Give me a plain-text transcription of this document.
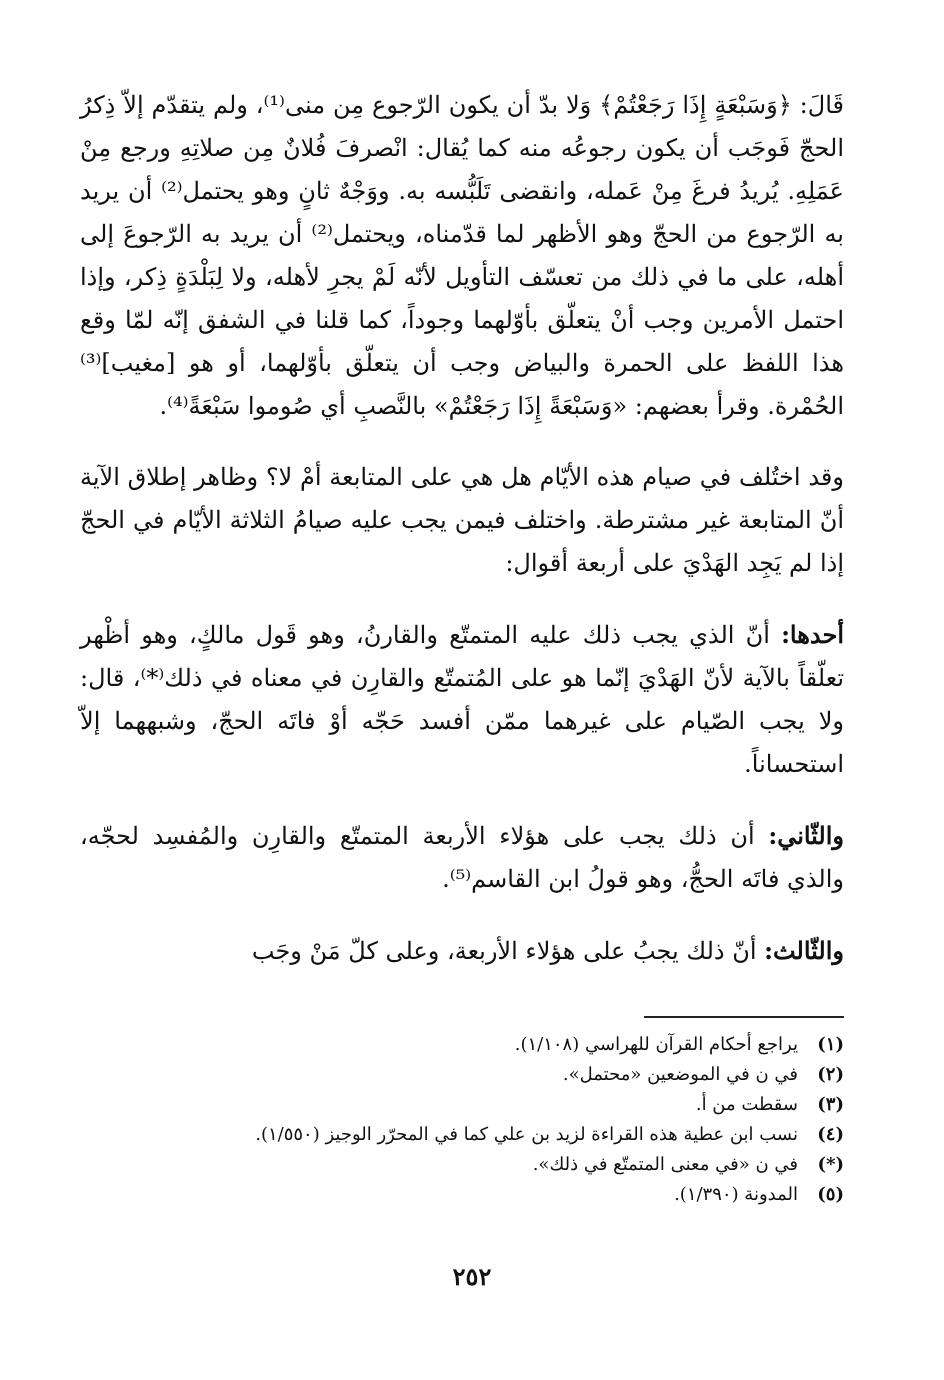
قَالَ: ﴿وَسَبْعَةٍ إِذَا رَجَعْتُمْ﴾ وَلا بدّ أن يكون الرّجوع مِن منى⁽¹⁾، ولم يتقدّم إلاّ ذِكرُ الحجّ فَوجَب أن يكون رجوعُه منه كما يُقال: انْصرفَ فُلانٌ مِن صلاتِهِ ورجع مِنْ عَمَلِهِ. يُريدُ فرغَ مِنْ عَمله، وانقضى تَلَبُّسه به. ووَجْهٌ ثانٍ وهو يحتمل⁽²⁾ أن يريد به الرّجوع من الحجّ وهو الأظهر لما قدّمناه، ويحتمل⁽²⁾ أن يريد به الرّجوعَ إلى أهله، على ما في ذلك من تعسّف التأويل لأنّه لَمْ يجرِ لأهله، ولا لِبَلْدَةٍ ذِكر، وإذا احتمل الأمرين وجب أنْ يتعلّق بأوّلهما وجوداً، كما قلنا في الشفق إنّه لمّا وقع هذا اللفظ على الحمرة والبياض وجب أن يتعلّق بأوّلهما، أو هو [مغيب]⁽³⁾ الحُمْرة. وقرأ بعضهم: «وَسَبْعَةً إِذَا رَجَعْتُمْ» بالنَّصبِ أي صُوموا سَبْعَةً⁽⁴⁾.

وقد اختُلف في صيام هذه الأيّام هل هي على المتابعة أمْ لا؟ وظاهر إطلاق الآية أنّ المتابعة غير مشترطة. واختلف فيمن يجب عليه صيامُ الثلاثة الأيّام في الحجّ إذا لم يَجِد الهَدْيَ على أربعة أقوال:

أحدها: أنّ الذي يجب ذلك عليه المتمتّع والقارنُ، وهو قَول مالكٍ، وهو أظْهر تعلّقاً بالآية لأنّ الهَدْيَ إنّما هو على المُتمتّع والقارِن في معناه في ذلك⁽*⁾، قال: ولا يجب الصّيام على غيرهما ممّن أفسد حَجّه أوْ فاتَه الحجّ، وشبههما إلاّ استحساناً.

والثّاني: أن ذلك يجب على هؤلاء الأربعة المتمتّع والقارِن والمُفسِد لحجّه، والذي فاتَه الحجُّ، وهو قولُ ابن القاسم⁽⁵⁾.

والثّالث: أنّ ذلك يجبُ على هؤلاء الأربعة، وعلى كلّ مَنْ وجَب

(١)
يراجع أحكام القرآن للهراسي (١/١٠٨).
(٢)
في ن في الموضعين «محتمل».
(٣)
سقطت من أ.
(٤)
نسب ابن عطية هذه القراءة لزيد بن علي كما في المحرّر الوجيز (١/٥٥٠).
(*)
في ن «في معنى المتمتّع في ذلك».
(٥)
المدونة (١/٣٩٠).
٢٥٢
